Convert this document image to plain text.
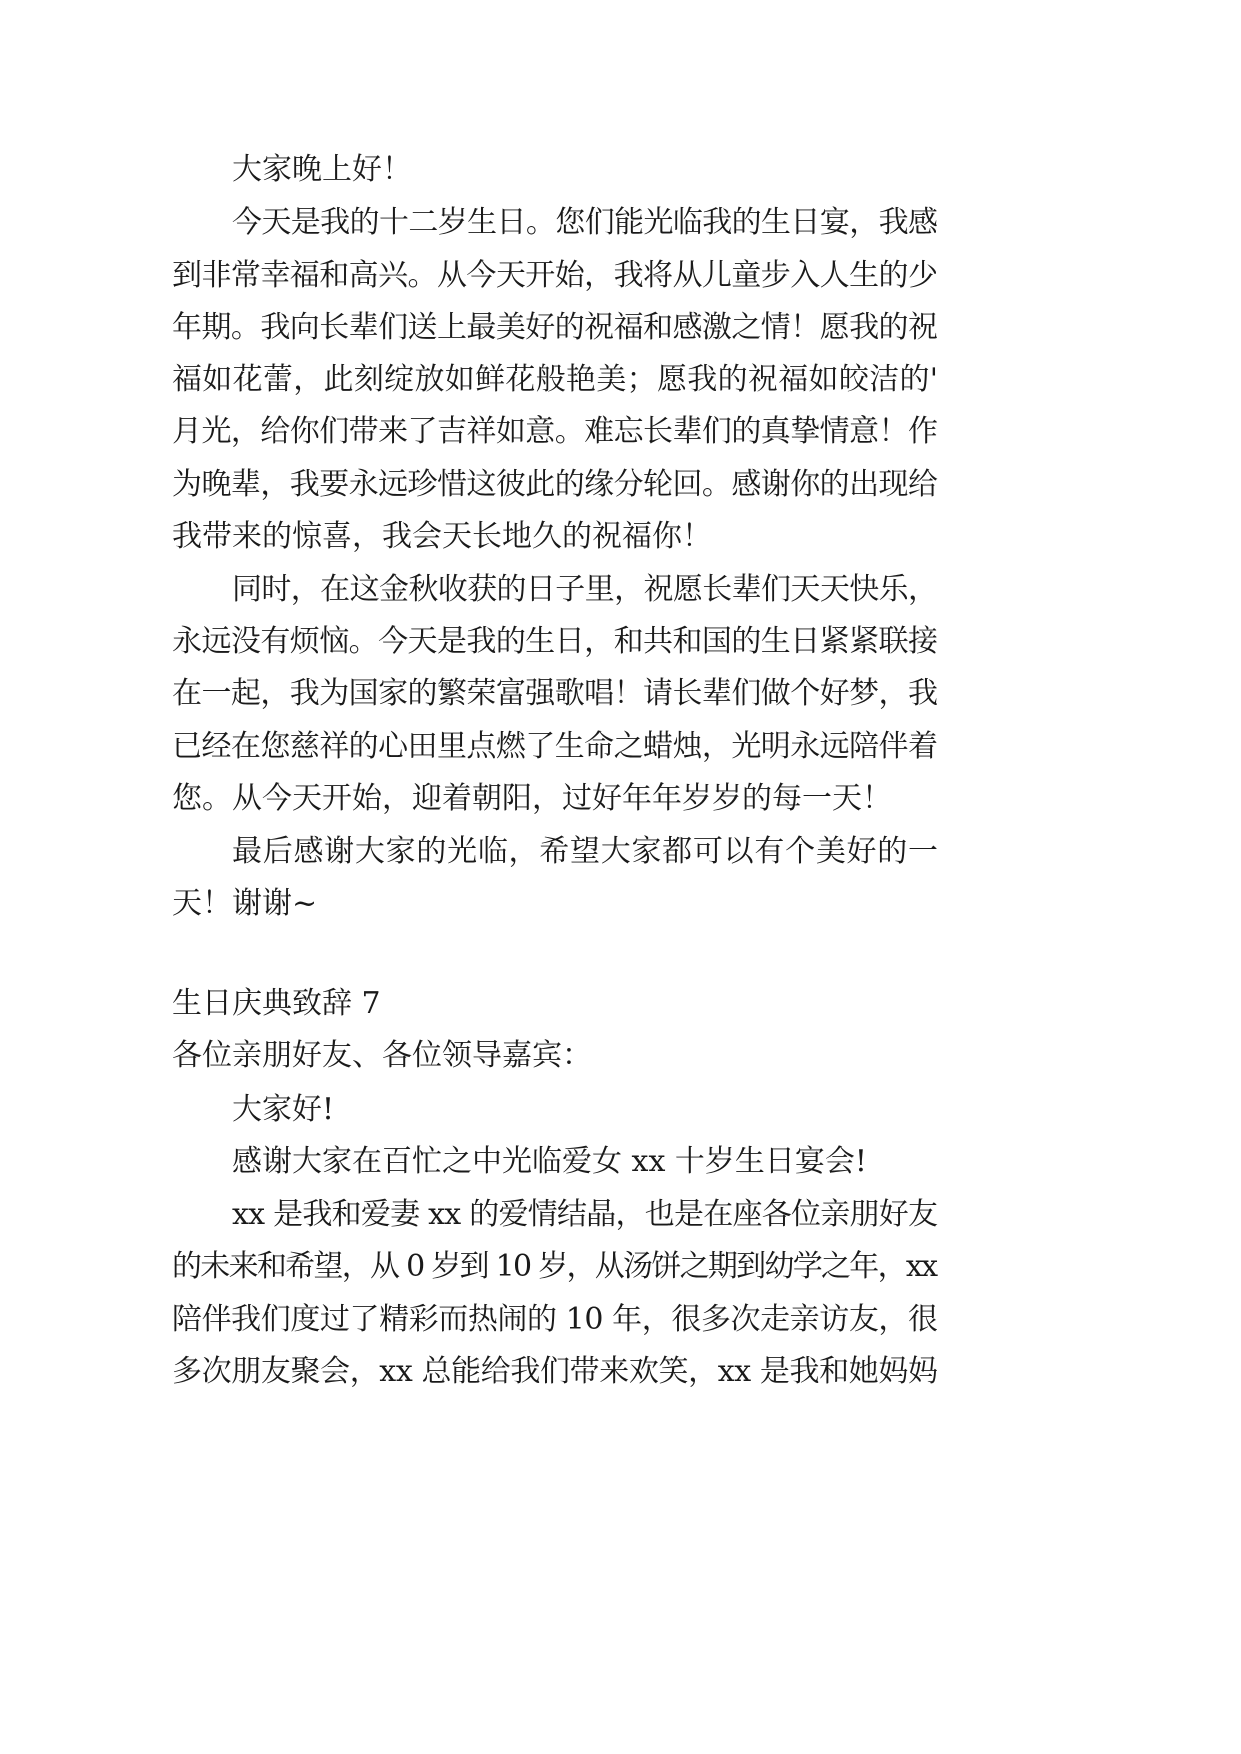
大家晚上好！
今天是我的十二岁生日。您们能光临我的生日宴，我感
到非常幸福和高兴。从今天开始，我将从儿童步入人生的少
年期。我向长辈们送上最美好的祝福和感激之情！愿我的祝
福如花蕾，此刻绽放如鲜花般艳美；愿我的祝福如皎洁的'
月光，给你们带来了吉祥如意。难忘长辈们的真挚情意！作
为晚辈，我要永远珍惜这彼此的缘分轮回。感谢你的出现给
我带来的惊喜，我会天长地久的祝福你！
同时，在这金秋收获的日子里，祝愿长辈们天天快乐，
永远没有烦恼。今天是我的生日，和共和国的生日紧紧联接
在一起，我为国家的繁荣富强歌唱！请长辈们做个好梦，我
已经在您慈祥的心田里点燃了生命之蜡烛，光明永远陪伴着
您。从今天开始，迎着朝阳，过好年年岁岁的每一天！
最后感谢大家的光临，希望大家都可以有个美好的一
天！谢谢~
生日庆典致辞 7
各位亲朋好友、各位领导嘉宾：
大家好!
感谢大家在百忙之中光临爱女 xx 十岁生日宴会!
xx 是我和爱妻 xx 的爱情结晶，也是在座各位亲朋好友
的未来和希望，从 0 岁到 10 岁，从汤饼之期到幼学之年，xx
陪伴我们度过了精彩而热闹的 10 年，很多次走亲访友，很
多次朋友聚会，xx 总能给我们带来欢笑，xx 是我和她妈妈
